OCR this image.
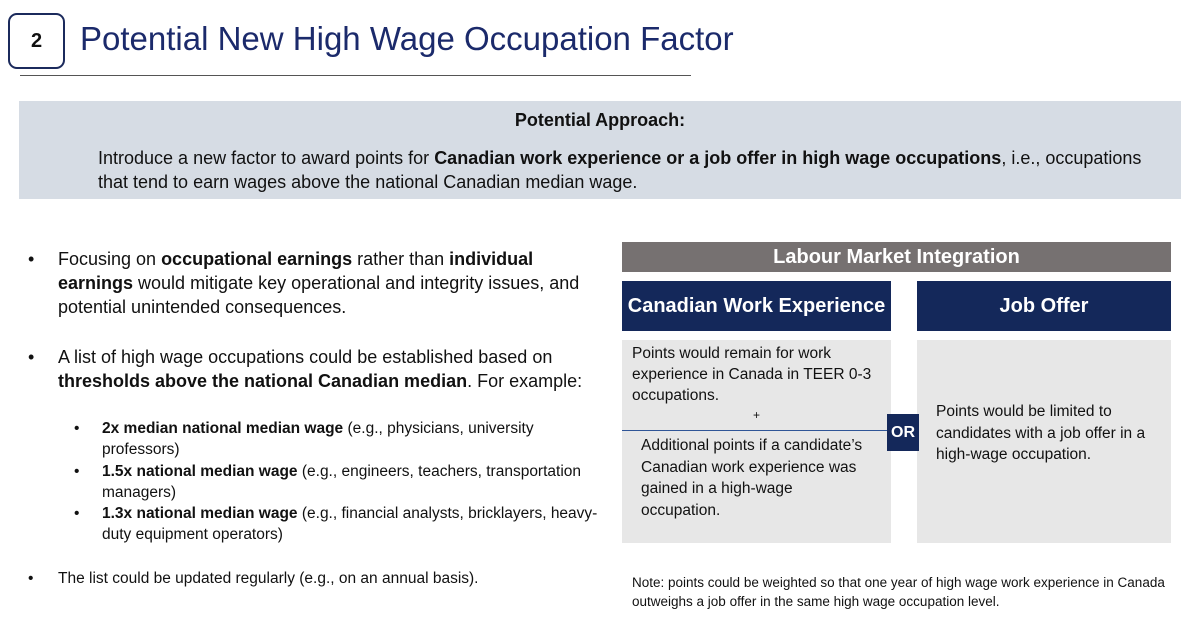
2 Potential New High Wage Occupation Factor
Potential Approach:
Introduce a new factor to award points for Canadian work experience or a job offer in high wage occupations, i.e., occupations that tend to earn wages above the national Canadian median wage.
•	Focusing on occupational earnings rather than individual earnings would mitigate key operational and integrity issues, and potential unintended consequences.
•	A list of high wage occupations could be established based on thresholds above the national Canadian median. For example:
• 2x median national median wage (e.g., physicians, university professors)
• 1.5x national median wage (e.g., engineers, teachers, transportation managers)
• 1.3x national median wage (e.g., financial analysts, bricklayers, heavy-duty equipment operators)
•	The list could be updated regularly (e.g., on an annual basis).
Labour Market Integration
Canadian Work Experience	Job Offer
Points would remain for work experience in Canada in TEER 0-3 occupations.
+
Additional points if a candidate’s Canadian work experience was gained in a high-wage occupation.
Points would be limited to candidates with a job offer in a high-wage occupation.
OR
Note: points could be weighted so that one year of high wage work experience in Canada outweighs a job offer in the same high wage occupation level.
